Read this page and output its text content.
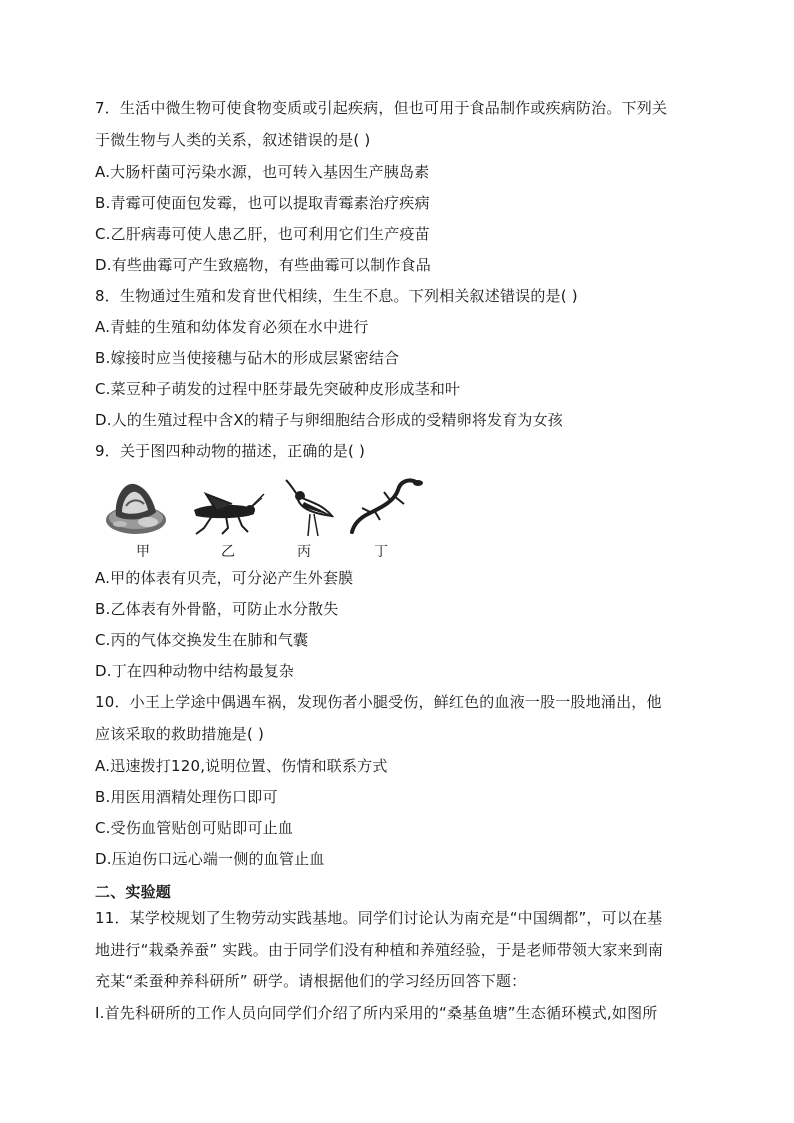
7．生活中微生物可使食物变质或引起疾病，但也可用于食品制作或疾病防治。下列关
于微生物与人类的关系，叙述错误的是( )
A.大肠杆菌可污染水源，也可转入基因生产胰岛素
B.青霉可使面包发霉，也可以提取青霉素治疗疾病
C.乙肝病毒可使人患乙肝，也可利用它们生产疫苗
D.有些曲霉可产生致癌物，有些曲霉可以制作食品
8．生物通过生殖和发育世代相续，生生不息。下列相关叙述错误的是( )
A.青蛙的生殖和幼体发育必须在水中进行
B.嫁接时应当使接穗与砧木的形成层紧密结合
C.菜豆种子萌发的过程中胚芽最先突破种皮形成茎和叶
D.人的生殖过程中含X的精子与卵细胞结合形成的受精卵将发育为女孩
9．关于图四种动物的描述，正确的是( )
甲	乙	丙	丁
A.甲的体表有贝壳，可分泌产生外套膜
B.乙体表有外骨骼，可防止水分散失
C.丙的气体交换发生在肺和气囊
D.丁在四种动物中结构最复杂
10．小王上学途中偶遇车祸，发现伤者小腿受伤，鲜红色的血液一股一股地涌出，他
应该采取的救助措施是( )
A.迅速拨打120,说明位置、伤情和联系方式
B.用医用酒精处理伤口即可
C.受伤血管贴创可贴即可止血
D.压迫伤口远心端一侧的血管止血
二、实验题
11．某学校规划了生物劳动实践基地。同学们讨论认为南充是“中国绸都”，可以在基
地进行“栽桑养蚕” 实践。由于同学们没有种植和养殖经验，于是老师带领大家来到南
充某“柔蚕种养科研所” 研学。请根据他们的学习经历回答下题：
Ⅰ.首先科研所的工作人员向同学们介绍了所内采用的“桑基鱼塘”生态循环模式,如图所
